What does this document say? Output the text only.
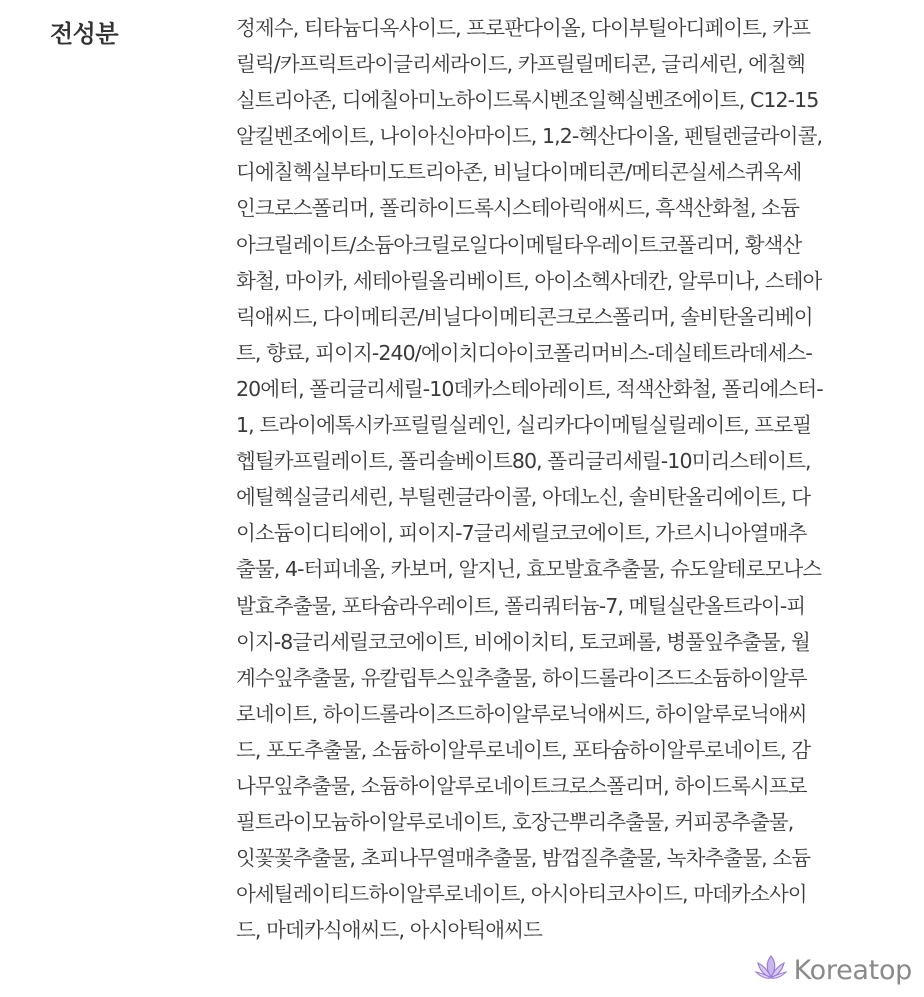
전성분	정제수, 티타늄디옥사이드, 프로판다이올, 다이부틸아디페이트, 카프
릴릭/카프릭트라이글리세라이드, 카프릴릴메티콘, 글리세린, 에칠헥
실트리아존, 디에칠아미노하이드록시벤조일헥실벤조에이트, C12-15
알킬벤조에이트, 나이아신아마이드, 1,2-헥산다이올, 펜틸렌글라이콜,
디에칠헥실부타미도트리아존, 비닐다이메티콘/메티콘실세스퀴옥세
인크로스폴리머, 폴리하이드록시스테아릭애씨드, 흑색산화철, 소듐
아크릴레이트/소듐아크릴로일다이메틸타우레이트코폴리머, 황색산
화철, 마이카, 세테아릴올리베이트, 아이소헥사데칸, 알루미나, 스테아
릭애씨드, 다이메티콘/비닐다이메티콘크로스폴리머, 솔비탄올리베이
트, 향료, 피이지-240/에이치디아이코폴리머비스-데실테트라데세스-
20에터, 폴리글리세릴-10데카스테아레이트, 적색산화철, 폴리에스터-
1, 트라이에톡시카프릴릴실레인, 실리카다이메틸실릴레이트, 프로필
헵틸카프릴레이트, 폴리솔베이트80, 폴리글리세릴-10미리스테이트,
에틸헥실글리세린, 부틸렌글라이콜, 아데노신, 솔비탄올리에이트, 다
이소듐이디티에이, 피이지-7글리세릴코코에이트, 가르시니아열매추
출물, 4-터피네올, 카보머, 알지닌, 효모발효추출물, 슈도알테로모나스
발효추출물, 포타슘라우레이트, 폴리쿼터늄-7, 메틸실란올트라이-피
이지-8글리세릴코코에이트, 비에이치티, 토코페롤, 병풀잎추출물, 월
계수잎추출물, 유칼립투스잎추출물, 하이드롤라이즈드소듐하이알루
로네이트, 하이드롤라이즈드하이알루로닉애씨드, 하이알루로닉애씨
드, 포도추출물, 소듐하이알루로네이트, 포타슘하이알루로네이트, 감
나무잎추출물, 소듐하이알루로네이트크로스폴리머, 하이드록시프로
필트라이모늄하이알루로네이트, 호장근뿌리추출물, 커피콩추출물,
잇꽃꽃추출물, 초피나무열매추출물, 밤껍질추출물, 녹차추출물, 소듐
아세틸레이티드하이알루로네이트, 아시아티코사이드, 마데카소사이
드, 마데카식애씨드, 아시아틱애씨드
Koreatop
